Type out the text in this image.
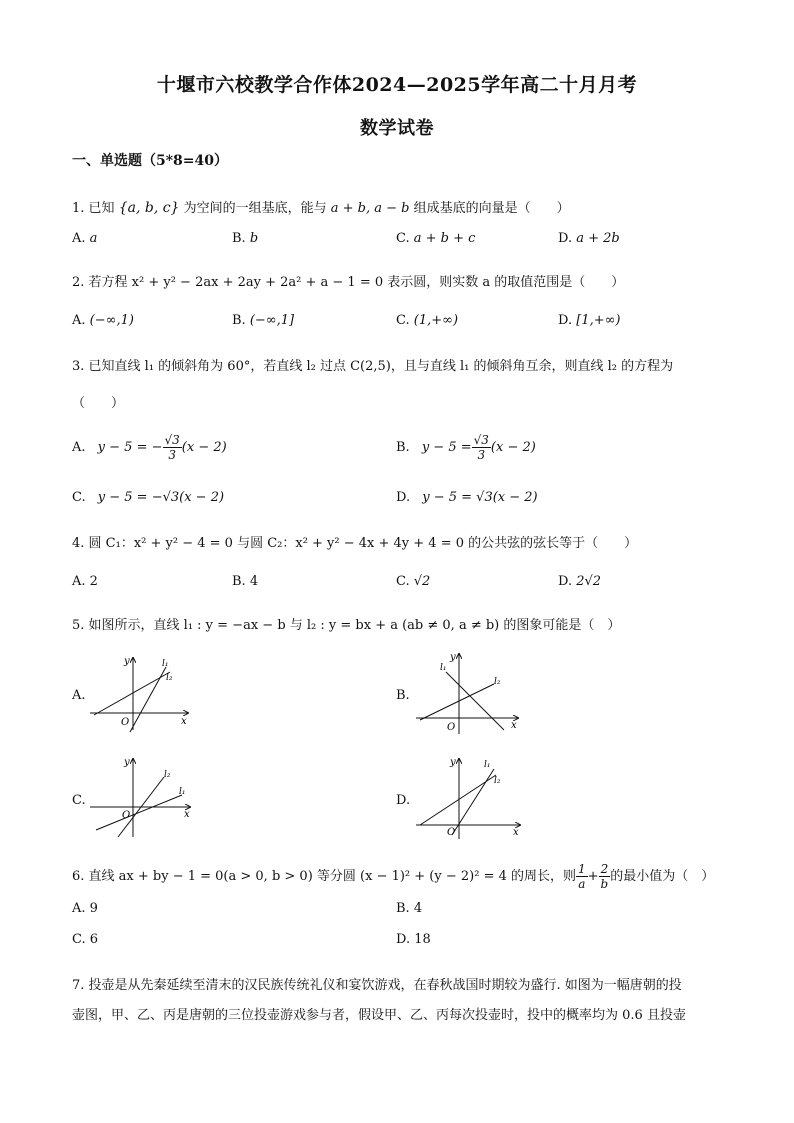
十堰市六校教学合作体2024—2025学年高二十月月考
数学试卷
一、单选题（5*8=40）
1. 已知 {a, b, c} 为空间的一组基底，能与 a + b, a − b 组成基底的向量是（　　）
A. a	B. b	C. a + b + c	D. a + 2b
2. 若方程 x² + y² − 2ax + 2ay + 2a² + a − 1 = 0 表示圆，则实数 a 的取值范围是（　　）
A. (−∞,1)	B. (−∞,1]	C. (1,+∞)	D. [1,+∞)
3. 已知直线 l₁ 的倾斜角为 60°，若直线 l₂ 过点 C(2,5)，且与直线 l₁ 的倾斜角互余，则直线 l₂ 的方程为
（　　）
A. y − 5 = − $\frac{√3}{3} (x - 2)$	B. $y - 5 = \frac{√3}{3} (x - 2)$
C. y − 5 = −√3(x − 2)	D. y − 5 = √3(x − 2)
4. 圆 C₁：x² + y² − 4 = 0 与圆 C₂：x² + y² − 4x + 4y + 4 = 0 的公共弦的弦长等于（　　）
A. 2	B. 4	C. √2	D. 2√2
5. 如图所示，直线 l₁ : y = −ax − b 与 l₂ : y = bx + a (ab ≠ 0, a ≠ b) 的图象可能是（　）
A.	B.
C.	D.
x
y
O
l₁
l₂
x
y
O
l₁
l₂
x
y
O
l₁
l₂
x
y
O
l₁
l₂
6. 直线 ax + by − 1 = 0(a > 0, b > 0) 等分圆 (x − 1)² + (y − 2)² = 4 的周长，则 $\frac{1}{a} + \frac{2}{b}$ 的最小值为（　）
A. 9	B. 4
C. 6	D. 18
7. 投壶是从先秦延续至清末的汉民族传统礼仪和宴饮游戏，在春秋战国时期较为盛行. 如图为一幅唐朝的投
壶图，甲、乙、丙是唐朝的三位投壶游戏参与者，假设甲、乙、丙每次投壶时，投中的概率均为 0.6 且投壶
